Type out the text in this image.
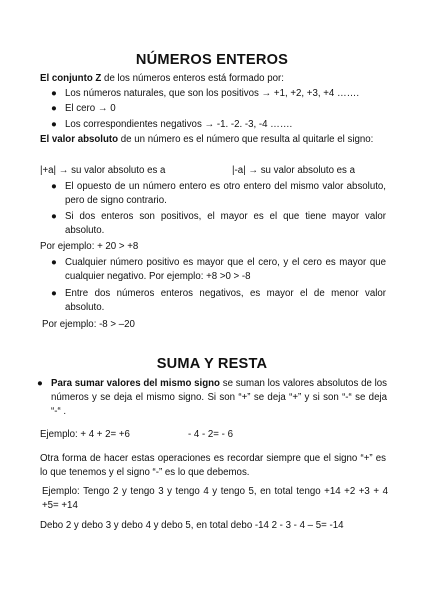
NÚMEROS ENTEROS
El conjunto Z de los números enteros está formado por:
● Los números naturales, que son los positivos → +1, +2, +3, +4 …….
● El cero → 0
● Los correspondientes negativos → -1. -2. -3, -4 …….
El valor absoluto de un número es el número que resulta al quitarle el signo:
|+a| → su valor absoluto es a	|-a| → su valor absoluto es a
● El opuesto de un número entero es otro entero del mismo valor absoluto, pero de signo contrario.
● Si dos enteros son positivos, el mayor es el que tiene mayor valor absoluto.
Por ejemplo: + 20 > +8
● Cualquier número positivo es mayor que el cero, y el cero es mayor que cualquier negativo. Por ejemplo: +8 >0 > -8
● Entre dos números enteros negativos, es mayor el de menor valor absoluto.
Por ejemplo: -8 > –20
SUMA Y RESTA
● Para sumar valores del mismo signo se suman los valores absolutos de los números y se deja el mismo signo. Si son “+” se deja “+” y si son “-“ se deja “-“ .
Ejemplo: + 4 + 2= +6	- 4 - 2= - 6
Otra forma de hacer estas operaciones es recordar siempre que el signo “+” es lo que tenemos y el signo “-” es lo que debemos.
Ejemplo: Tengo 2 y tengo 3 y tengo 4 y tengo 5, en total tengo +14 +2 +3 + 4 +5= +14
Debo 2 y debo 3 y debo 4 y debo 5, en total debo -14 2 - 3 - 4 – 5= -14
